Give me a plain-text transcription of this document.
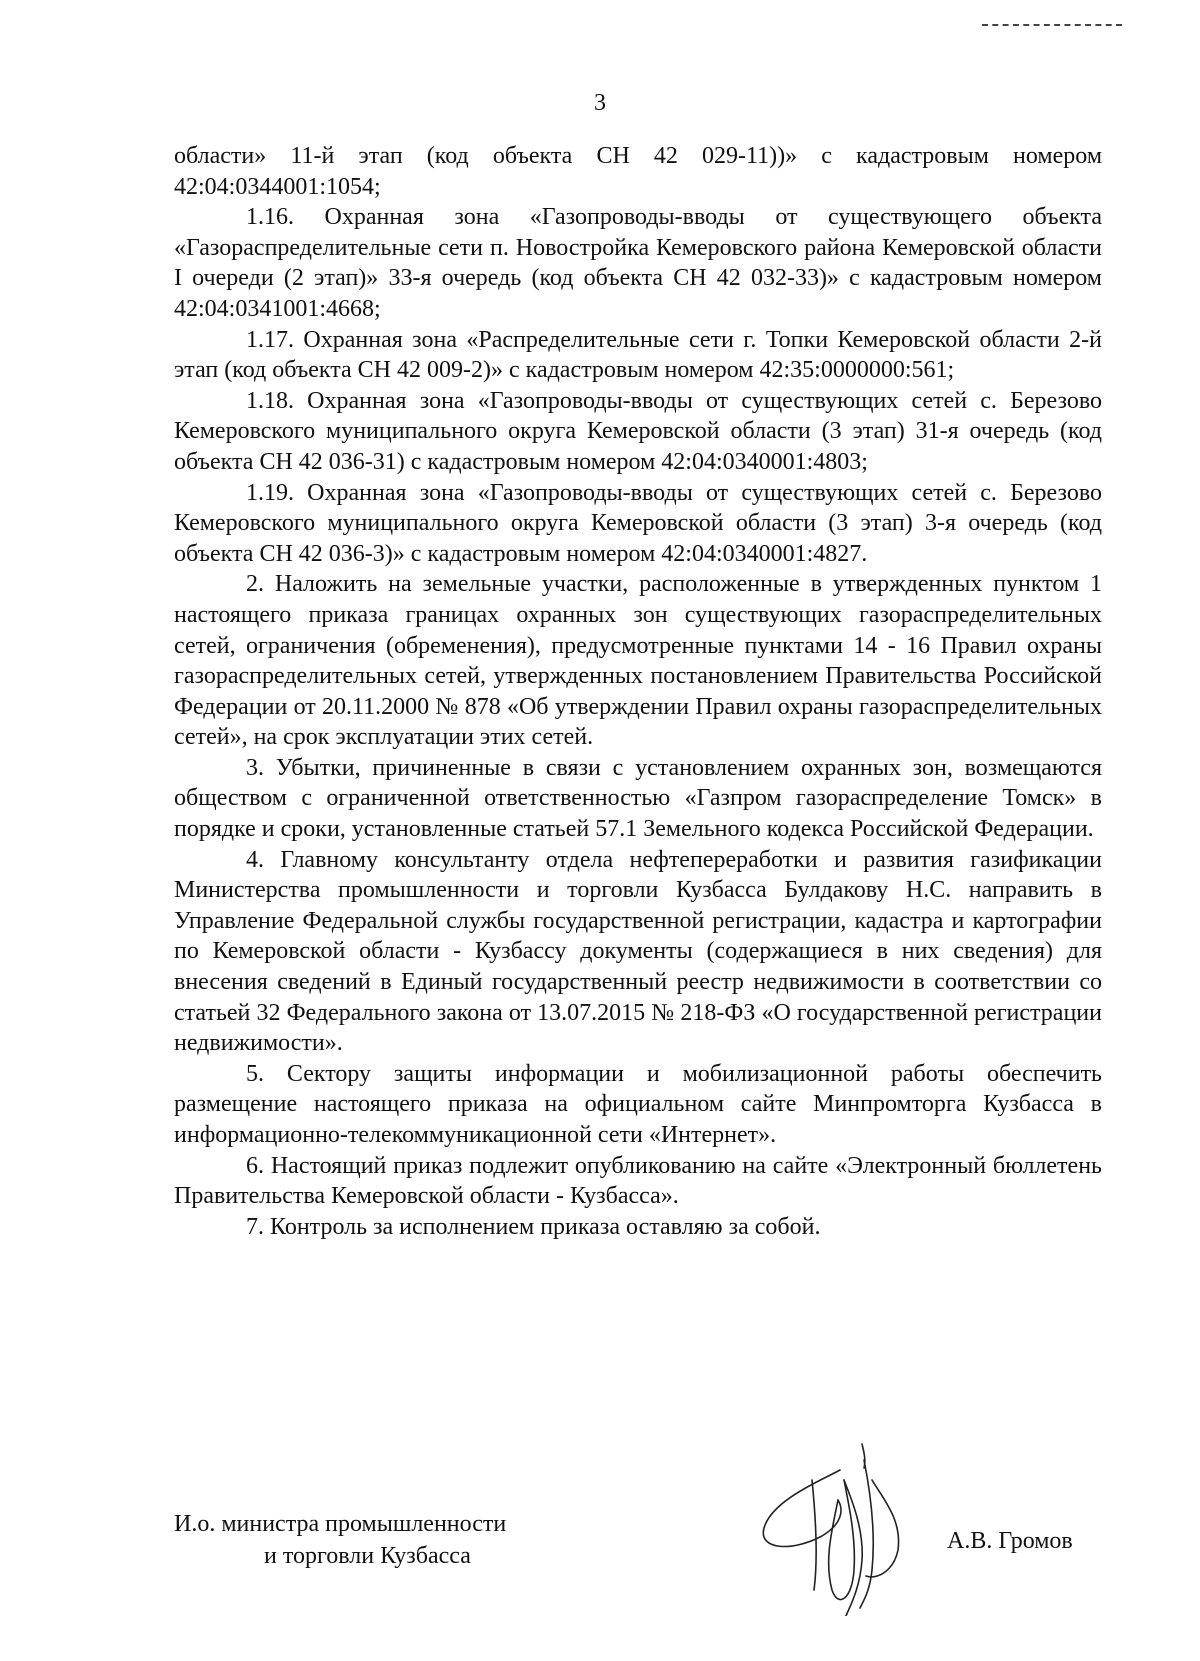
3

области» 11-й этап (код объекта СН 42 029-11))» с кадастровым номером 42:04:0344001:1054;

1.16. Охранная зона «Газопроводы-вводы от существующего объекта «Газораспределительные сети п. Новостройка Кемеровского района Кемеровской области I очереди (2 этап)» 33-я очередь (код объекта СН 42 032-33)» с кадастровым номером 42:04:0341001:4668;

1.17. Охранная зона «Распределительные сети г. Топки Кемеровской области 2-й этап (код объекта СН 42 009-2)» с кадастровым номером 42:35:0000000:561;

1.18. Охранная зона «Газопроводы-вводы от существующих сетей с. Березово Кемеровского муниципального округа Кемеровской области (3 этап) 31-я очередь (код объекта СН 42 036-31) с кадастровым номером 42:04:0340001:4803;

1.19. Охранная зона «Газопроводы-вводы от существующих сетей с. Березово Кемеровского муниципального округа Кемеровской области (3 этап) 3-я очередь (код объекта СН 42 036-3)» с кадастровым номером 42:04:0340001:4827.

2. Наложить на земельные участки, расположенные в утвержденных пунктом 1 настоящего приказа границах охранных зон существующих газораспределительных сетей, ограничения (обременения), предусмотренные пунктами 14 - 16 Правил охраны газораспределительных сетей, утвержденных постановлением Правительства Российской Федерации от 20.11.2000 № 878 «Об утверждении Правил охраны газораспределительных сетей», на срок эксплуатации этих сетей.

3. Убытки, причиненные в связи с установлением охранных зон, возмещаются обществом с ограниченной ответственностью «Газпром газораспределение Томск» в порядке и сроки, установленные статьей 57.1 Земельного кодекса Российской Федерации.

4. Главному консультанту отдела нефтепереработки и развития газификации Министерства промышленности и торговли Кузбасса Булдакову Н.С. направить в Управление Федеральной службы государственной регистрации, кадастра и картографии по Кемеровской области - Кузбассу документы (содержащиеся в них сведения) для внесения сведений в Единый государственный реестр недвижимости в соответствии со статьей 32 Федерального закона от 13.07.2015 № 218-ФЗ «О государственной регистрации недвижимости».

5. Сектору защиты информации и мобилизационной работы обеспечить размещение настоящего приказа на официальном сайте Минпромторга Кузбасса в информационно-телекоммуникационной сети «Интернет».

6. Настоящий приказ подлежит опубликованию на сайте «Электронный бюллетень Правительства Кемеровской области - Кузбасса».

7. Контроль за исполнением приказа оставляю за собой.

И.о. министра промышленности
и торговли Кузбасса
А.В. Громов
